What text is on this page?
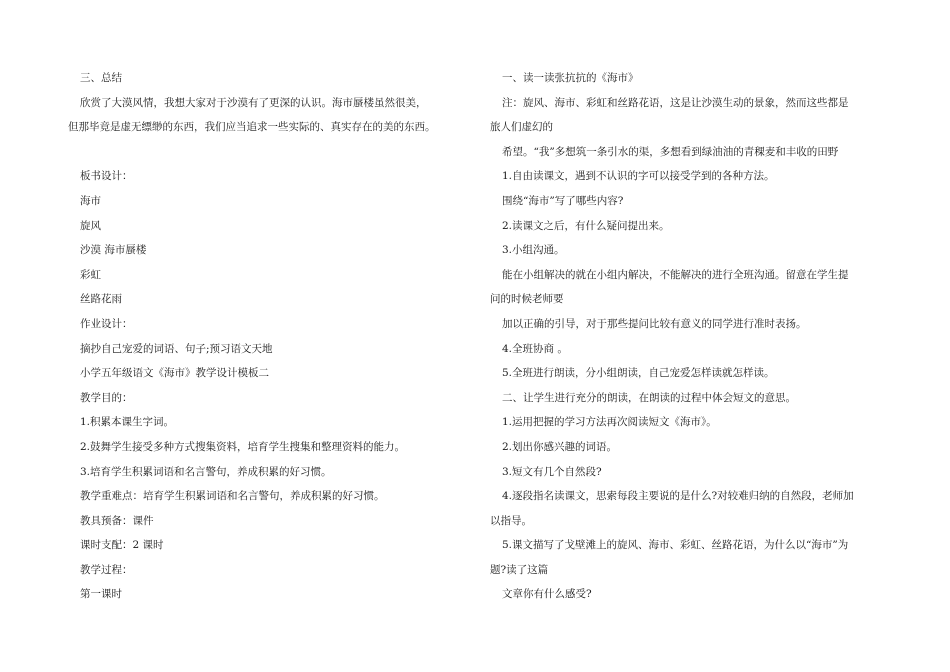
三、总结
欣赏了大漠风情，我想大家对于沙漠有了更深的认识。海市蜃楼虽然很美，
但那毕竟是虚无缥缈的东西，我们应当追求一些实际的、真实存在的美的东西。
板书设计：
海市
旋风
沙漠 海市蜃楼
彩虹
丝路花雨
作业设计：
摘抄自己宠爱的词语、句子;预习语文天地
小学五年级语文《海市》教学设计模板二
教学目的：
1.积累本课生字词。
2.鼓舞学生接受多种方式搜集资料，培育学生搜集和整理资料的能力。
3.培育学生积累词语和名言警句，养成积累的好习惯。
教学重难点：培育学生积累词语和名言警句，养成积累的好习惯。
教具预备：课件
课时支配：2 课时
教学过程：
第一课时
一、读一读张抗抗的《海市》
注：旋风、海市、彩虹和丝路花语，这是让沙漠生动的景象，然而这些都是
旅人们虚幻的
希望。“我”多想筑一条引水的渠，多想看到绿油油的青稞麦和丰收的田野
1.自由读课文，遇到不认识的字可以接受学到的各种方法。
围绕“海市”写了哪些内容?
2.读课文之后，有什么疑问提出来。
3.小组沟通。
能在小组解决的就在小组内解决，不能解决的进行全班沟通。留意在学生提
问的时候老师要
加以正确的引导，对于那些提问比较有意义的同学进行准时表扬。
4.全班协商 。
5.全班进行朗读，分小组朗读，自己宠爱怎样读就怎样读。
二、让学生进行充分的朗读，在朗读的过程中体会短文的意思。
1.运用把握的学习方法再次阅读短文《海市》。
2.划出你感兴趣的词语。
3.短文有几个自然段?
4.逐段指名读课文，思索每段主要说的是什么?对较难归纳的自然段，老师加
以指导。
5.课文描写了戈壁滩上的旋风、海市、彩虹、丝路花语，为什么以“海市”为
题?读了这篇
文章你有什么感受?
